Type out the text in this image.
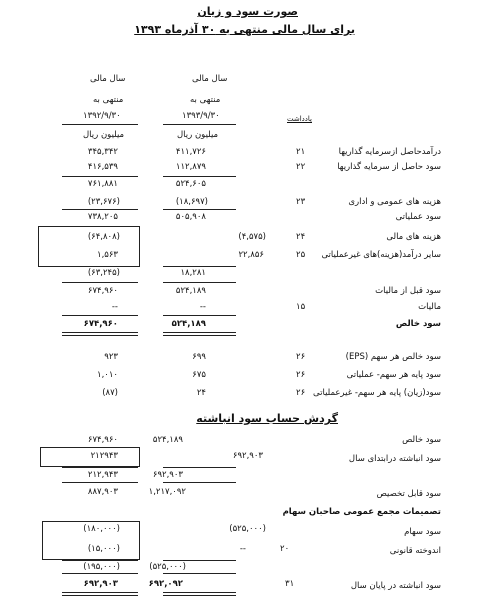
صورت سود و زیان
برای سال مالی منتهی به ۳۰ آذرماه ۱۳۹۳
سال مالی
منتهی به
۱۳۹۲/۹/۳۰
میلیون ریال
سال مالی
منتهی به
۱۳۹۳/۹/۳۰
میلیون ریال
یادداشت
درآمدحاصل ازسرمایه گذاریها
۲۱
۴۱۱,۷۲۶
۳۴۵,۳۴۲
سود حاصل از سرمایه گذاریها
۲۲
۱۱۲,۸۷۹
۴۱۶,۵۳۹
۵۲۴,۶۰۵
۷۶۱,۸۸۱
هزینه های عمومی و اداری
۲۳
(۱۸,۶۹۷)
(۲۳,۶۷۶)
سود عملیاتی
۵۰۵,۹۰۸
۷۳۸,۲۰۵
هزینه های مالی
۲۴
(۴,۵۷۵)
(۶۴,۸۰۸)
سایر درآمد(هزینه)های غیرعملیاتی
۲۵
۲۲,۸۵۶
۱,۵۶۳
۱۸,۲۸۱
(۶۳,۲۴۵)
سود قبل از مالیات
۵۲۴,۱۸۹
۶۷۴,۹۶۰
مالیات
۱۵
--
--
سود خالص
۵۲۴,۱۸۹
۶۷۴,۹۶۰
سود خالص هر سهم (EPS)
۲۶
۶۹۹
۹۲۳
سود پایه هر سهم- عملیاتی
۲۶
۶۷۵
۱,۰۱۰
سود(زیان) پایه هر سهم- غیرعملیاتی
۲۶
۲۴
(۸۷)
گردش حساب سود انباشته
سود خالص
۵۲۴,۱۸۹
۶۷۴,۹۶۰
سود انباشته درابتدای سال
۶۹۲,۹۰۳
۲۱۲۹۴۳
۶۹۲,۹۰۳
۲۱۲,۹۴۳
سود قابل تخصیص
۱,۲۱۷,۰۹۲
۸۸۷,۹۰۳
تصمیمات مجمع عمومی صاحبان سهام
سود سهام
(۵۲۵,۰۰۰)
(۱۸۰,۰۰۰)
اندوخته قانونی
۲۰
--
(۱۵,۰۰۰)
(۵۲۵,۰۰۰)
(۱۹۵,۰۰۰)
سود انباشته در پایان سال
۳۱
۶۹۲,۰۹۲
۶۹۲,۹۰۳
